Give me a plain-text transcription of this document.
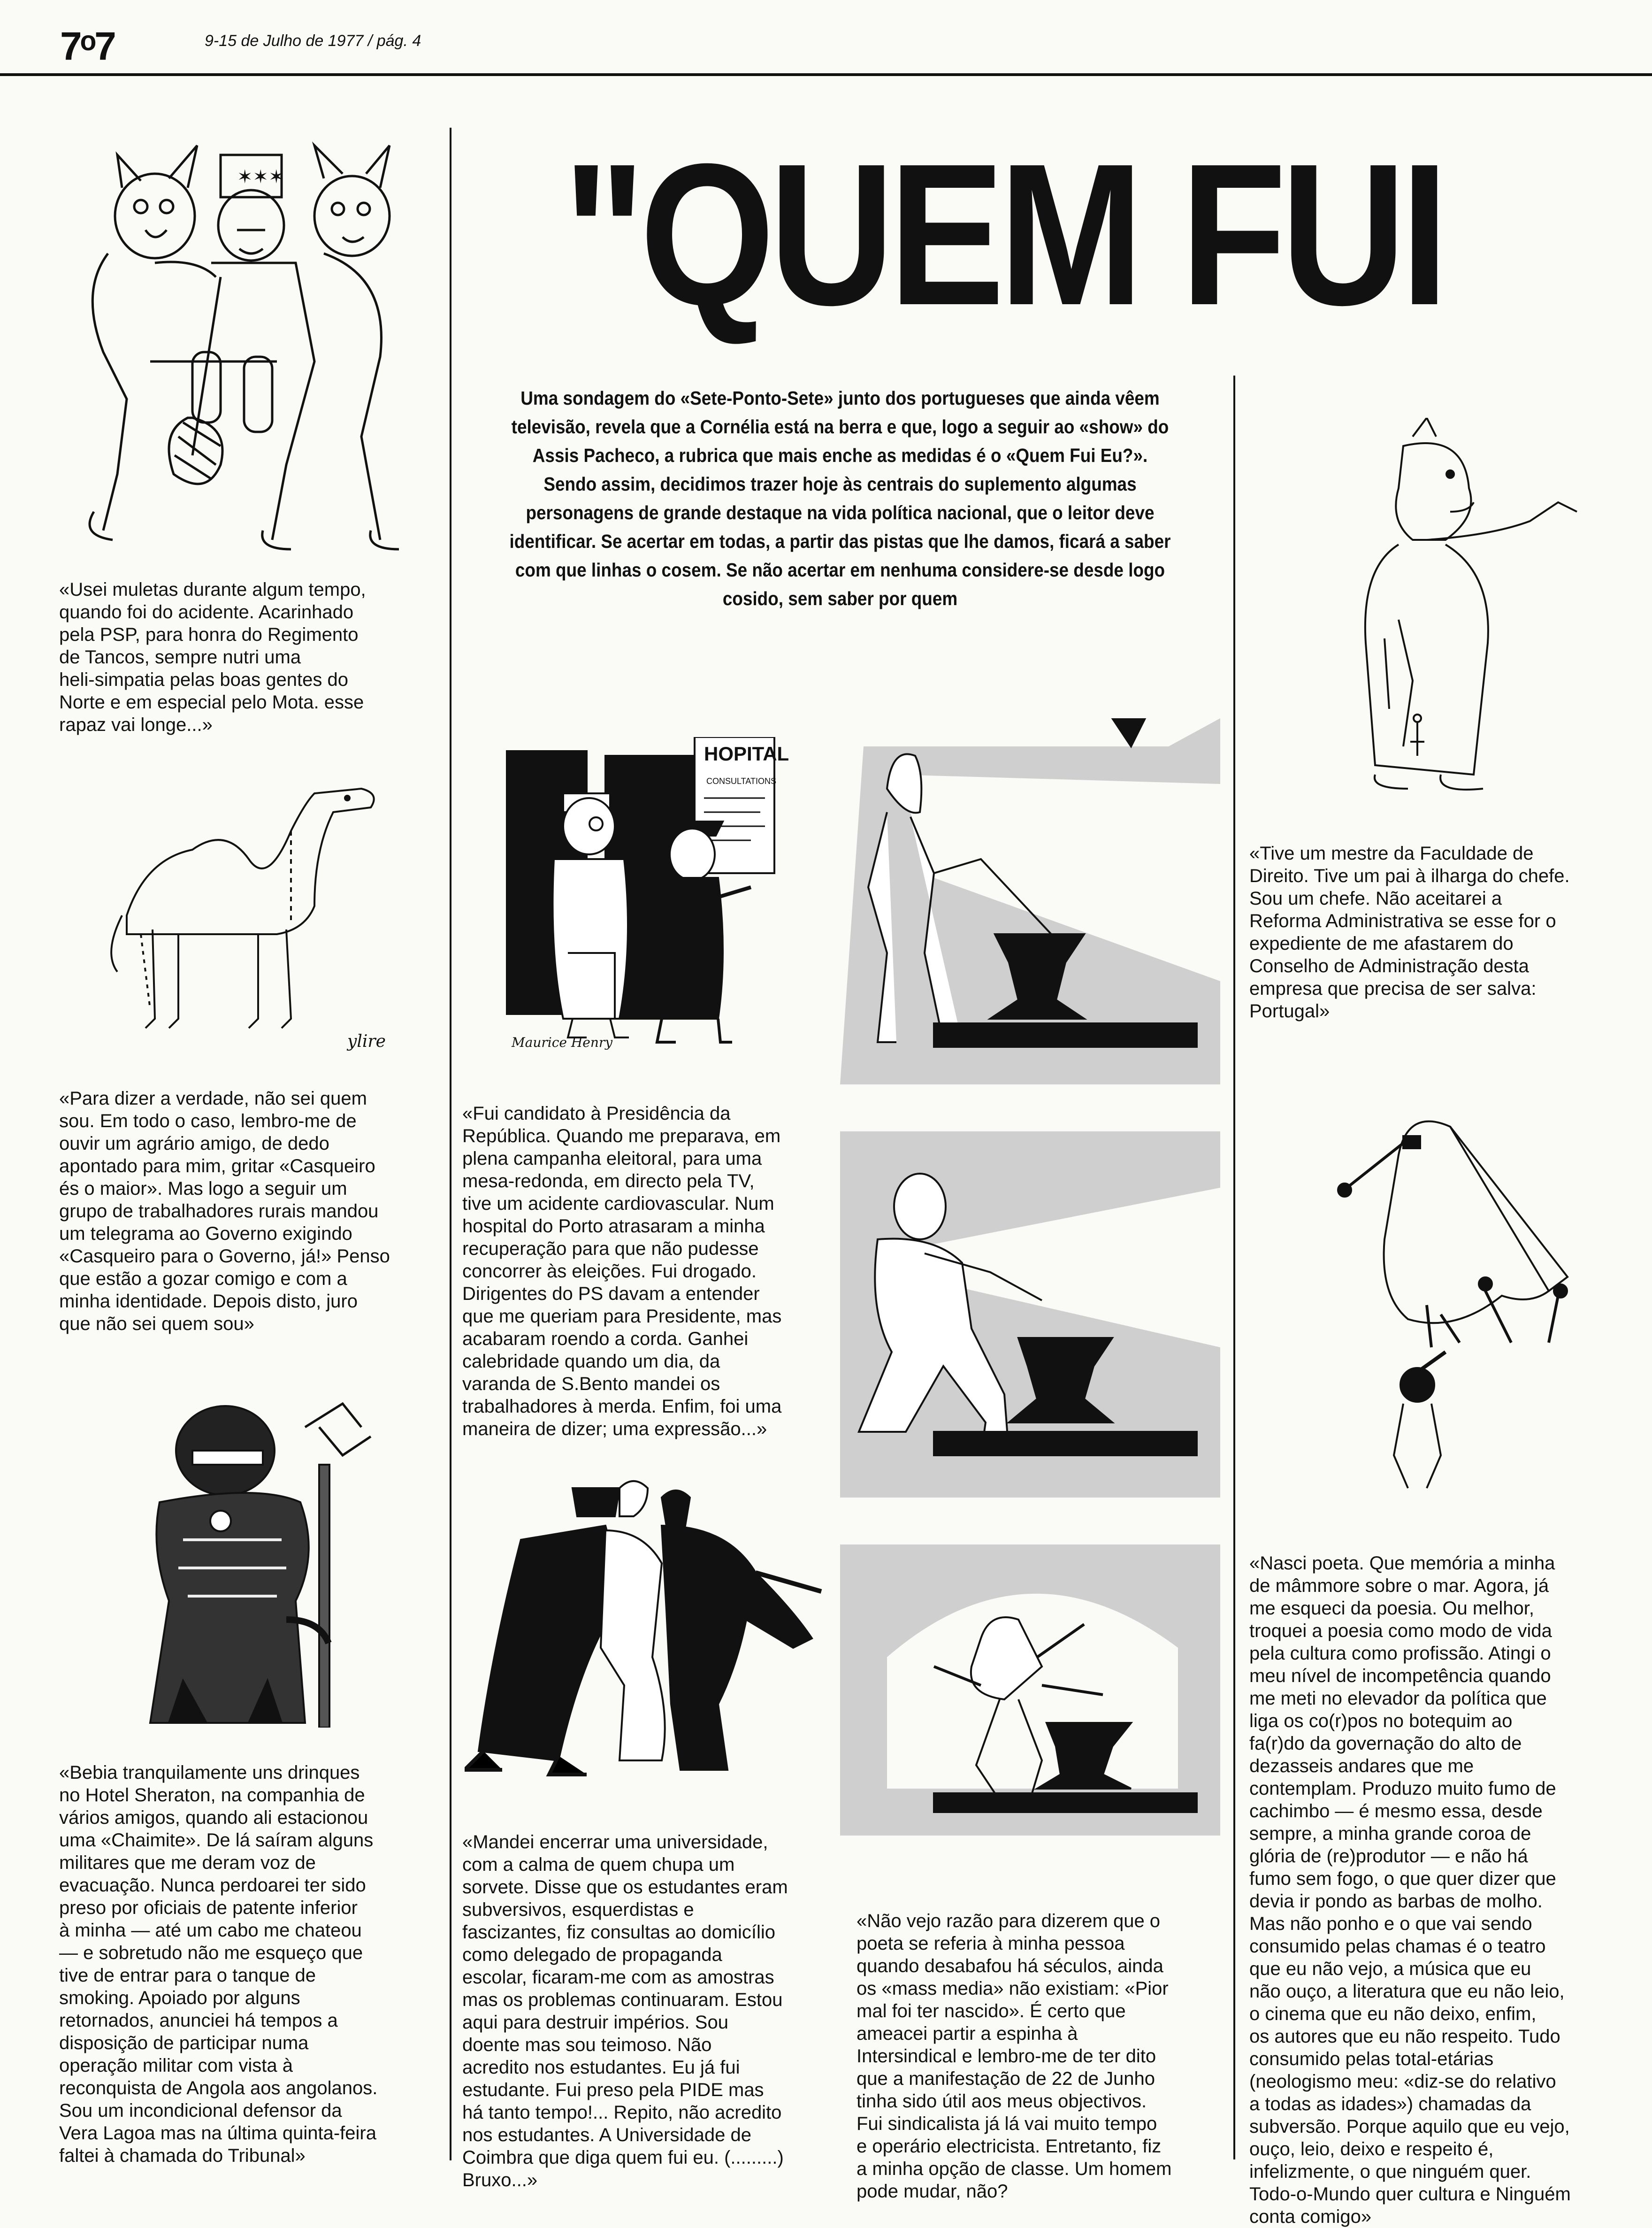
7ᵒ7	9-15 de Julho de 1977 / pág. 4
"QUEM FUI
Uma sondagem do «Sete-Ponto-Sete» junto dos portugueses que ainda vêem televisão, revela que a Cornélia está na berra e que, logo a seguir ao «show» do Assis Pacheco, a rubrica que mais enche as medidas é o «Quem Fui Eu?». Sendo assim, decidimos trazer hoje às centrais do suplemento algumas personagens de grande destaque na vida política nacional, que o leitor deve identificar. Se acertar em todas, a partir das pistas que lhe damos, ficará a saber com que linhas o cosem. Se não acertar em nenhuma considere-se desde logo cosido, sem saber por quem
✶✶✶
«Usei muletas durante algum tempo,
quando foi do acidente. Acarinhado
pela PSP, para honra do Regimento
de Tancos, sempre nutri uma
heli-simpatia pelas boas gentes do
Norte e em especial pelo Mota. esse
rapaz vai longe...»
ylire
«Para dizer a verdade, não sei quem
sou. Em todo o caso, lembro-me de
ouvir um agrário amigo, de dedo
apontado para mim, gritar «Casqueiro
és o maior». Mas logo a seguir um
grupo de trabalhadores rurais mandou
um telegrama ao Governo exigindo
«Casqueiro para o Governo, já!» Penso
que estão a gozar comigo e com a
minha identidade. Depois disto, juro
que não sei quem sou»
«Bebia tranquilamente uns drinques
no Hotel Sheraton, na companhia de
vários amigos, quando ali estacionou
uma «Chaimite». De lá saíram alguns
militares que me deram voz de
evacuação. Nunca perdoarei ter sido
preso por oficiais de patente inferior
à minha — até um cabo me chateou
— e sobretudo não me esqueço que
tive de entrar para o tanque de
smoking. Apoiado por alguns
retornados, anunciei há tempos a
disposição de participar numa
operação militar com vista à
reconquista de Angola aos angolanos.
Sou um incondicional defensor da
Vera Lagoa mas na última quinta-feira
faltei à chamada do Tribunal»
HOPITAL
CONSULTATIONS
Maurice Henry
«Fui candidato à Presidência da
República. Quando me preparava, em
plena campanha eleitoral, para uma
mesa-redonda, em directo pela TV,
tive um acidente cardiovascular. Num
hospital do Porto atrasaram a minha
recuperação para que não pudesse
concorrer às eleições. Fui drogado.
Dirigentes do PS davam a entender
que me queriam para Presidente, mas
acabaram roendo a corda. Ganhei
calebridade quando um dia, da
varanda de S.Bento mandei os
trabalhadores à merda. Enfim, foi uma
maneira de dizer; uma expressão...»
«Mandei encerrar uma universidade,
com a calma de quem chupa um
sorvete. Disse que os estudantes eram
subversivos, esquerdistas e
fascizantes, fiz consultas ao domicílio
como delegado de propaganda
escolar, ficaram-me com as amostras
mas os problemas continuaram. Estou
aqui para destruir impérios. Sou
doente mas sou teimoso. Não
acredito nos estudantes. Eu já fui
estudante. Fui preso pela PIDE mas
há tanto tempo!... Repito, não acredito
nos estudantes. A Universidade de
Coimbra que diga quem fui eu. (.........)
Bruxo...»
«Não vejo razão para dizerem que o
poeta se referia à minha pessoa
quando desabafou há séculos, ainda
os «mass media» não existiam: «Pior
mal foi ter nascido». É certo que
ameacei partir a espinha à
Intersindical e lembro-me de ter dito
que a manifestação de 22 de Junho
tinha sido útil aos meus objectivos.
Fui sindicalista já lá vai muito tempo
e operário electricista. Entretanto, fiz
a minha opção de classe. Um homem
pode mudar, não?
«Tive um mestre da Faculdade de
Direito. Tive um pai à ilharga do chefe.
Sou um chefe. Não aceitarei a
Reforma Administrativa se esse for o
expediente de me afastarem do
Conselho de Administração desta
empresa que precisa de ser salva:
Portugal»
«Nasci poeta. Que memória a minha
de mâmmore sobre o mar. Agora, já
me esqueci da poesia. Ou melhor,
troquei a poesia como modo de vida
pela cultura como profissão. Atingi o
meu nível de incompetência quando
me meti no elevador da política que
liga os co(r)pos no botequim ao
fa(r)do da governação do alto de
dezasseis andares que me
contemplam. Produzo muito fumo de
cachimbo — é mesmo essa, desde
sempre, a minha grande coroa de
glória de (re)produtor — e não há
fumo sem fogo, o que quer dizer que
devia ir pondo as barbas de molho.
Mas não ponho e o que vai sendo
consumido pelas chamas é o teatro
que eu não vejo, a música que eu
não ouço, a literatura que eu não leio,
o cinema que eu não deixo, enfim,
os autores que eu não respeito. Tudo
consumido pelas total-etárias
(neologismo meu: «diz-se do relativo
a todas as idades») chamadas da
subversão. Porque aquilo que eu vejo,
ouço, leio, deixo e respeito é,
infelizmente, o que ninguém quer.
Todo-o-Mundo quer cultura e Ninguém
conta comigo»
